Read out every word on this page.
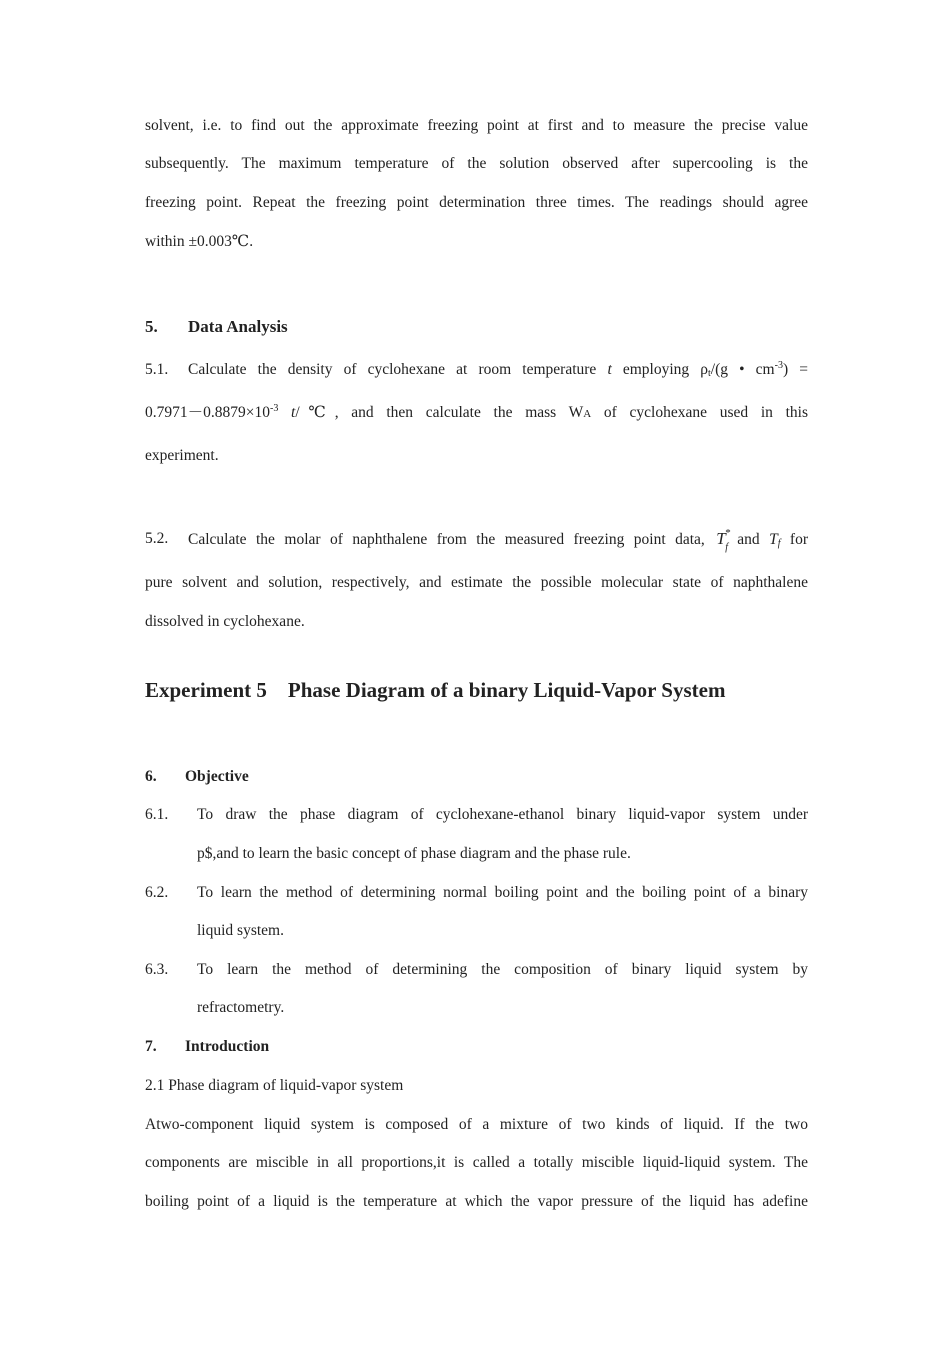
solvent, i.e. to find out the approximate freezing point at first and to measure the precise value
subsequently. The maximum temperature of the solution observed after supercooling is the
freezing point. Repeat the freezing point determination three times. The readings should agree
within ±0.003℃.
5. Data Analysis
5.1. Calculate the density of cyclohexane at room temperature t employing $\rho_t/(g$ • $cm^{-3}$) =
$0.7971-0.8879\times 10^{-3}$ t/℃, and then calculate the mass WA of cyclohexane used in this
experiment.
5.2. Calculate the molar of naphthalene from the measured freezing point data, T *
f and $T_f$ for
pure solvent and solution, respectively, and estimate the possible molecular state of naphthalene
dissolved in cyclohexane.
Experiment 5    Phase Diagram of a binary Liquid-Vapor System
6. Objective
6.1. To draw the phase diagram of cyclohexane-ethanol binary liquid-vapor system under
p$,and to learn the basic concept of phase diagram and the phase rule.
6.2. To learn the method of determining normal boiling point and the boiling point of a binary
liquid system.
6.3. To learn the method of determining the composition of binary liquid system by
refractometry.
7. Introduction
2.1 Phase diagram of liquid-vapor system
Atwo-component liquid system is composed of a mixture of two kinds of liquid. If the two
components are miscible in all proportions,it is called a totally miscible liquid-liquid system. The
boiling point of a liquid is the temperature at which the vapor pressure of the liquid has adefine
